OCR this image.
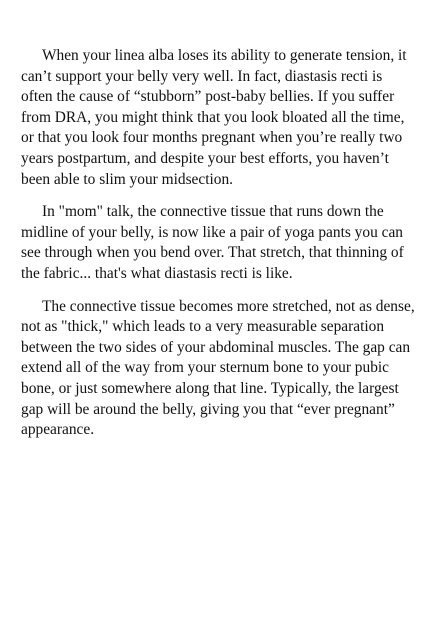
When your linea alba loses its ability to generate tension, it can’t support your belly very well. In fact, diastasis recti is often the cause of “stubborn” post-baby bellies. If you suffer from DRA, you might think that you look bloated all the time, or that you look four months pregnant when you’re really two years postpartum, and despite your best efforts, you haven’t been able to slim your midsection.

In "mom" talk, the connective tissue that runs down the midline of your belly, is now like a pair of yoga pants you can see through when you bend over. That stretch, that thinning of the fabric... that's what diastasis recti is like.

The connective tissue becomes more stretched, not as dense, not as "thick," which leads to a very measurable separation between the two sides of your abdominal muscles. The gap can extend all of the way from your sternum bone to your pubic bone, or just somewhere along that line. Typically, the largest gap will be around the belly, giving you that “ever pregnant” appearance.
